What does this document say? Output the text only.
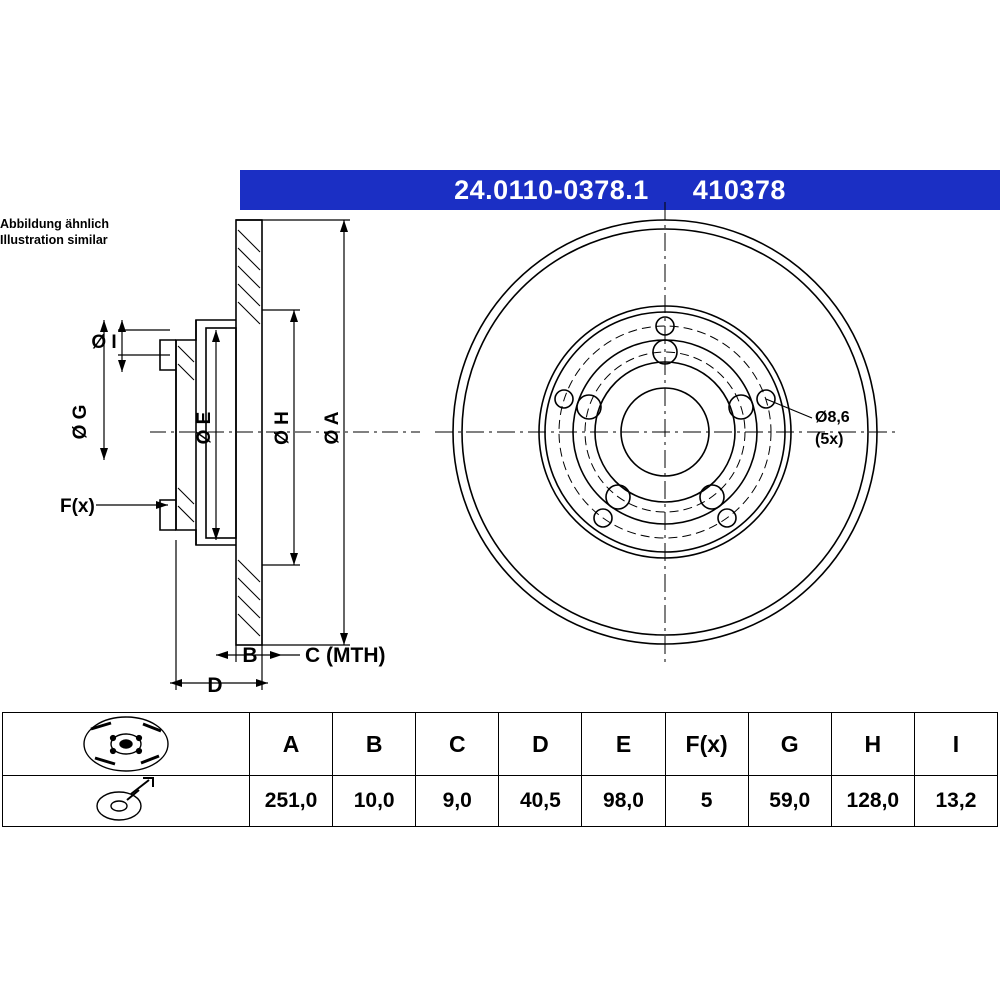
24.0110-0378.1 410378
Abbildung ähnlich
Illustration similar
Ø I
Ø G	Ø E	Ø H Ø A
F(x)
B C (MTH)
D
Ø8,6
(5x)
	A	B	C	D	E	F(x)	G	H	I

	251,0	10,0	9,0	40,5	98,0	5	59,0	128,0	13,2
